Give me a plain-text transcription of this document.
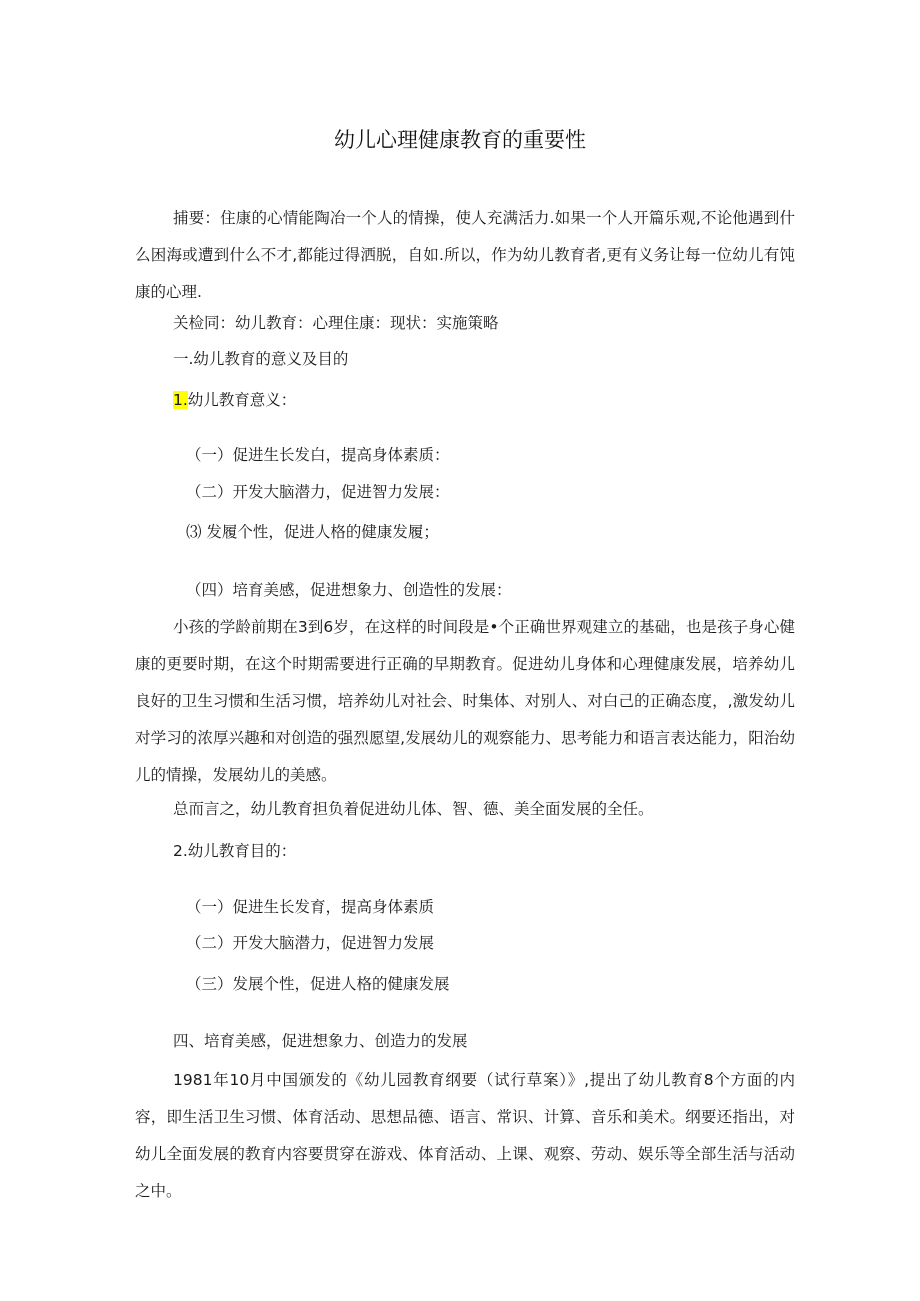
幼儿心理健康教育的重要性

捕要：住康的心情能陶冶一个人的情操，使人充满活力.如果一个人开篇乐观,不论他遇到什么困海或遭到什么不才,都能过得洒脱，自如.所以，作为幼儿教育者,更有义务让每一位幼儿有饨康的心理.

关检同：幼儿教育：心理住康：现状：实施策略

一.幼儿教育的意义及目的

1.幼儿教育意义：

（一）促进生长发白，提高身体素质：

（二）开发大脑潜力，促进智力发展：

⑶ 发履个性，促进人格的健康发履；

（四）培育美感，促进想象力、创造性的发展：

小孩的学龄前期在3到6岁，在这样的时间段是•个正确世界观建立的基础，也是孩子身心健康的更要时期，在这个时期需要进行正确的早期教育。促进幼儿身体和心理健康发展，培养幼儿良好的卫生习惯和生活习惯，培养幼儿对社会、时集体、对别人、对白己的正确态度，,激发幼儿对学习的浓厚兴趣和对创造的强烈愿望,发展幼儿的观察能力、思考能力和语言表达能力，阳治幼儿的情操，发展幼儿的美感。

总而言之，幼儿教育担负着促进幼儿体、智、德、美全面发展的全任。

2.幼儿教育目的：

（一）促进生长发育，提高身体素质

（二）开发大脑潜力，促进智力发展

（三）发展个性，促进人格的健康发展

四、培育美感，促进想象力、创造力的发展

1981年10月中国颁发的《幼儿园教育纲要（试行草案）》,提出了幼儿教育8个方面的内容，即生活卫生习惯、体育活动、思想品德、语言、常识、计算、音乐和美术。纲要还指出，对幼儿全面发展的教育内容要贯穿在游戏、体育活动、上课、观察、劳动、娱乐等全部生活与活动之中。
